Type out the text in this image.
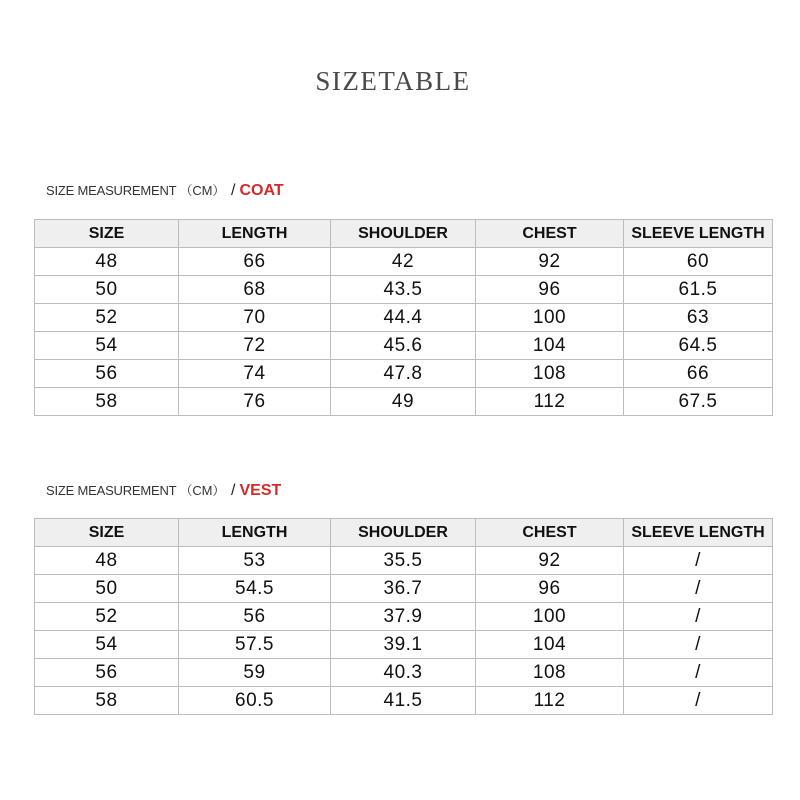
SIZETABLE
SIZE MEASUREMENT （CM） / COAT
SIZE	LENGTH	SHOULDER	CHEST	SLEEVE LENGTH
48	66	42	92	60
50	68	43.5	96	61.5
52	70	44.4	100	63
54	72	45.6	104	64.5
56	74	47.8	108	66
58	76	49	112	67.5
SIZE MEASUREMENT （CM） / VEST
SIZE	LENGTH	SHOULDER	CHEST	SLEEVE LENGTH
48	53	35.5	92	/
50	54.5	36.7	96	/
52	56	37.9	100	/
54	57.5	39.1	104	/
56	59	40.3	108	/
58	60.5	41.5	112	/
